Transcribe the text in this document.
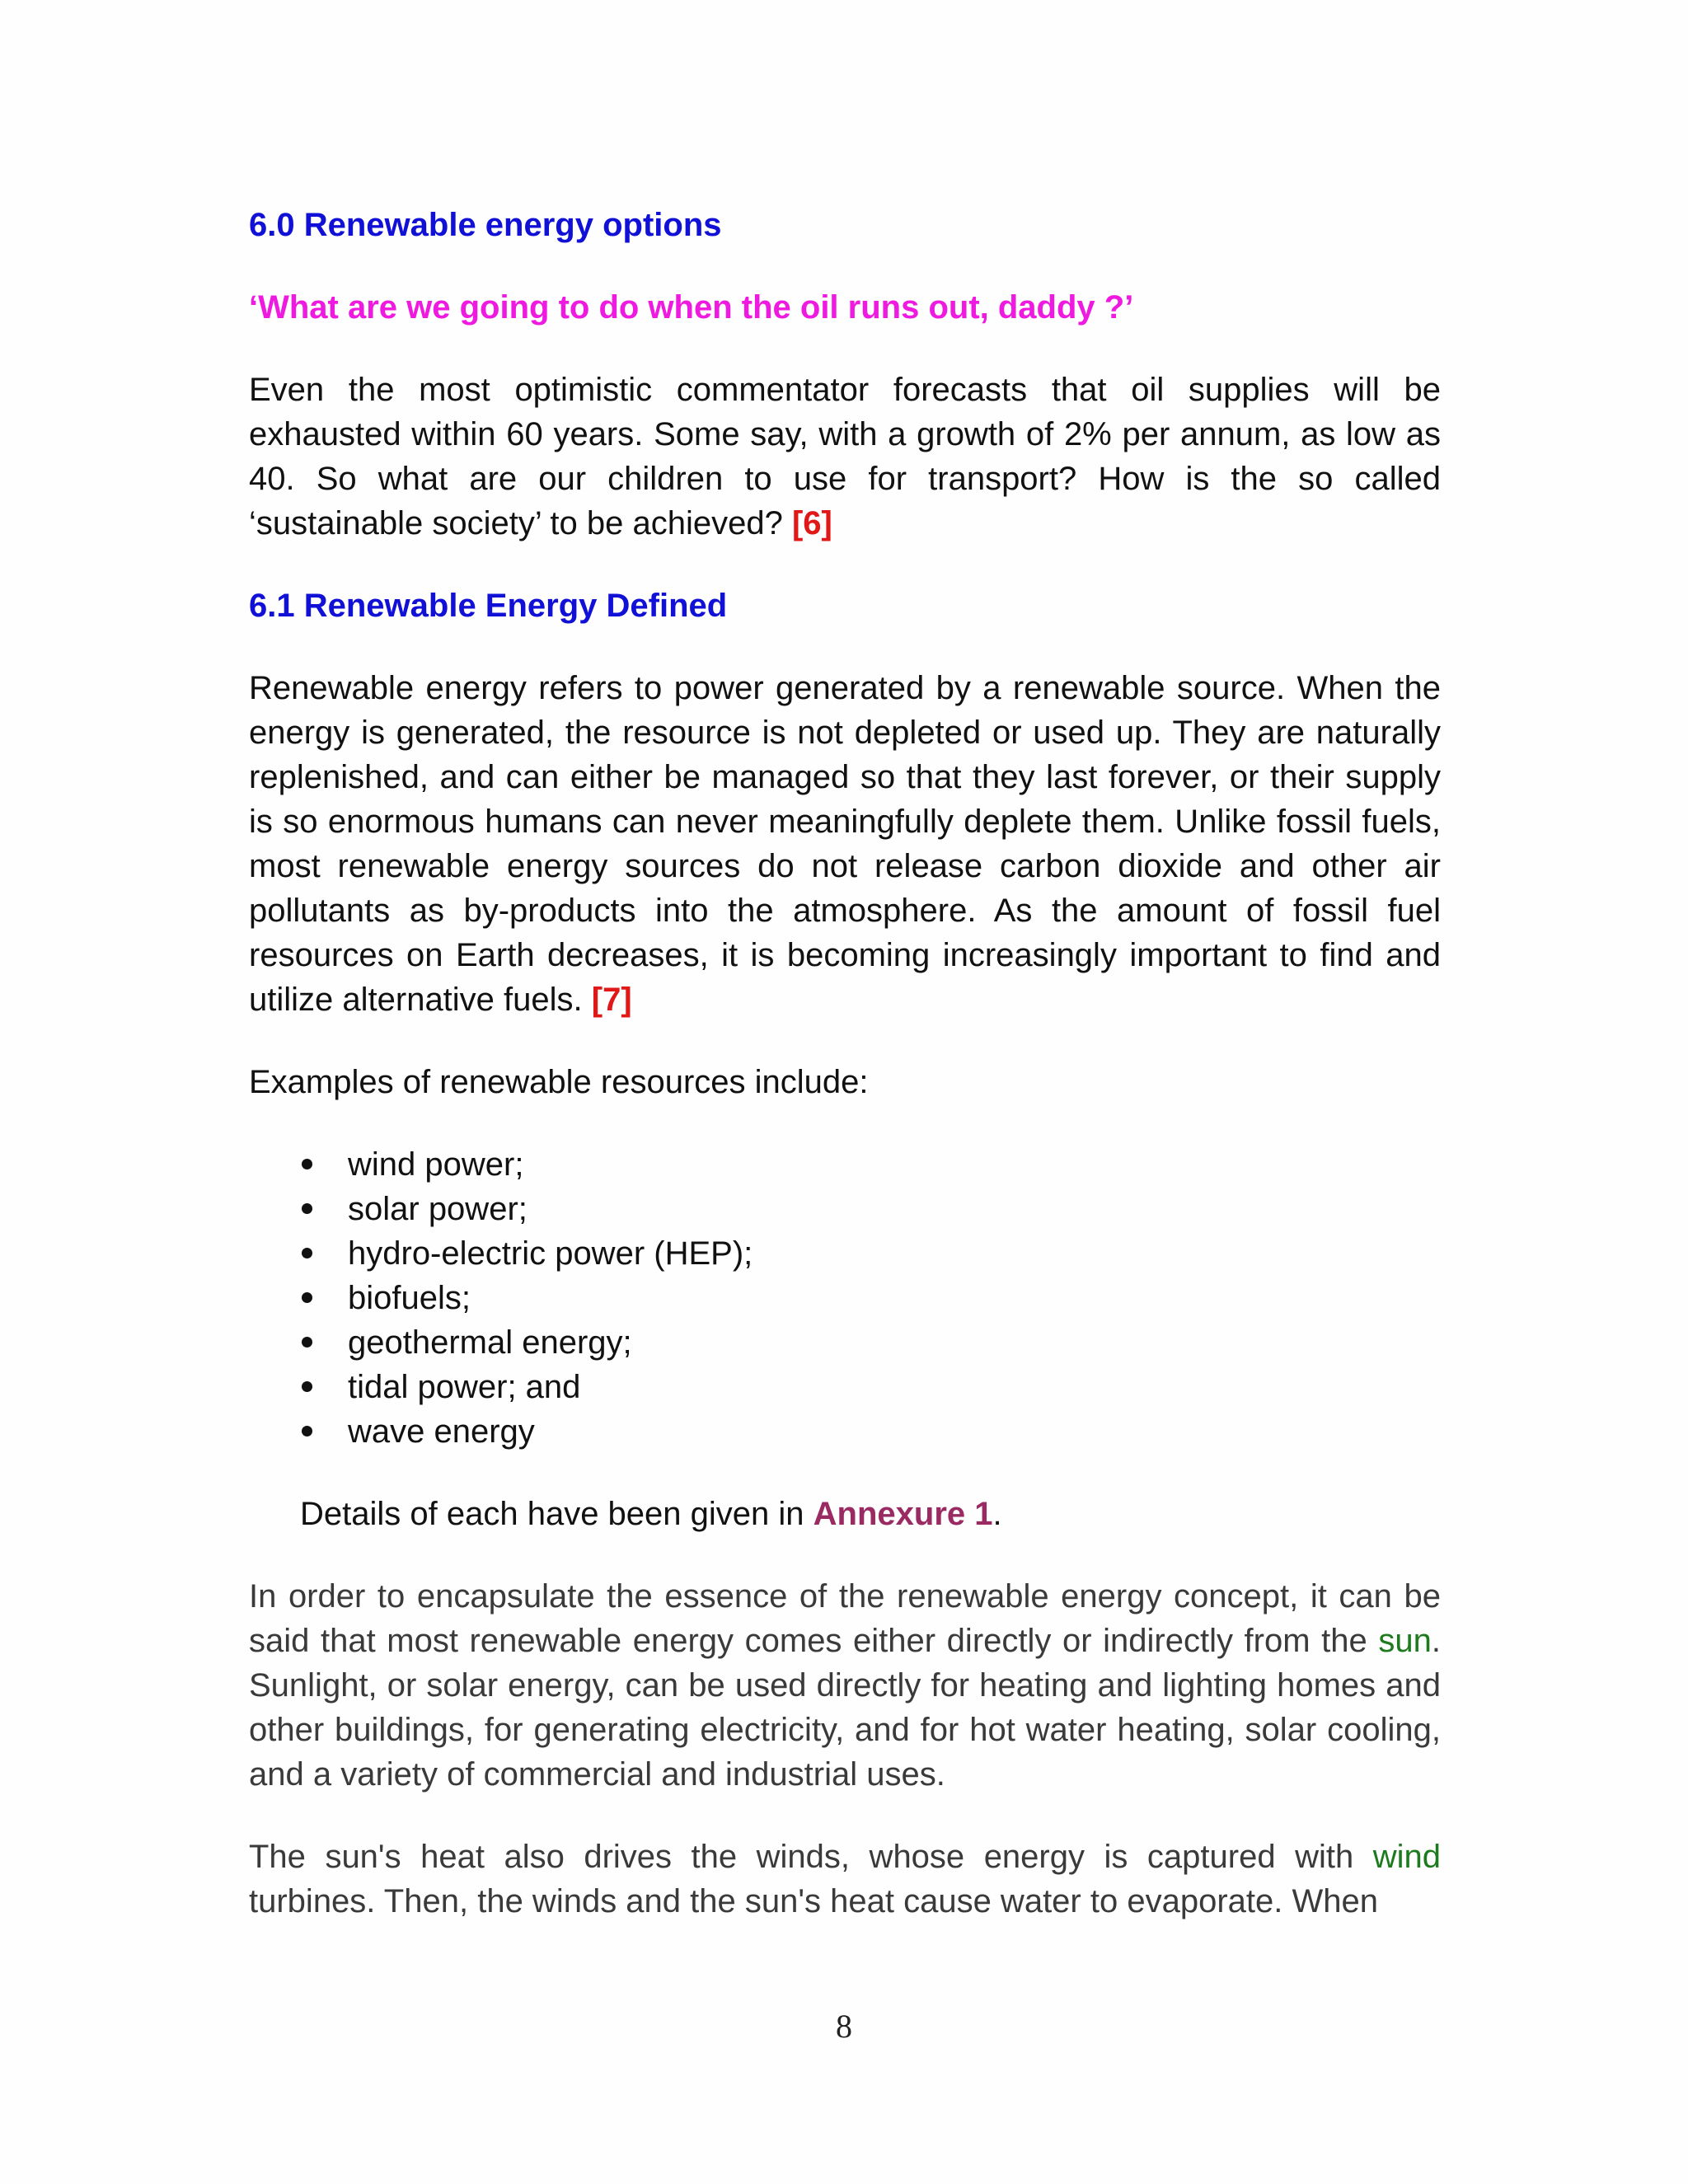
6.0 Renewable energy options
‘What are we going to do when the oil runs out, daddy ?’

Even the most optimistic commentator forecasts that oil supplies will be exhausted within 60 years. Some say, with a growth of 2% per annum, as low as 40. So what are our children to use for transport? How is the so called ‘sustainable society’ to be achieved? [6]

6.1 Renewable Energy Defined

Renewable energy refers to power generated by a renewable source. When the energy is generated, the resource is not depleted or used up. They are naturally replenished, and can either be managed so that they last forever, or their supply is so enormous humans can never meaningfully deplete them. Unlike fossil fuels, most renewable energy sources do not release carbon dioxide and other air pollutants as by-products into the atmosphere. As the amount of fossil fuel resources on Earth decreases, it is becoming increasingly important to find and utilize alternative fuels. [7]

Examples of renewable resources include:

wind power;
solar power;
hydro-electric power (HEP);
biofuels;
geothermal energy;
tidal power; and
wave energy

Details of each have been given in Annexure 1.

In order to encapsulate the essence of the renewable energy concept, it can be said that most renewable energy comes either directly or indirectly from the sun. Sunlight, or solar energy, can be used directly for heating and lighting homes and other buildings, for generating electricity, and for hot water heating, solar cooling, and a variety of commercial and industrial uses.

The sun's heat also drives the winds, whose energy is captured with wind turbines. Then, the winds and the sun's heat cause water to evaporate. When

8
